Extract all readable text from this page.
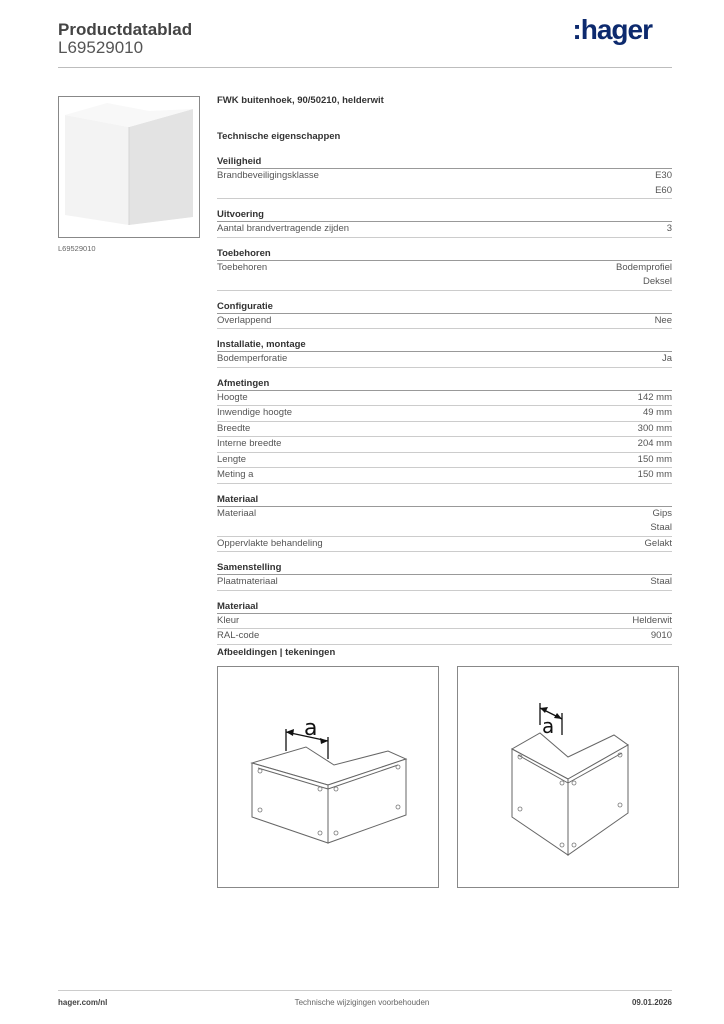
Productdatablad
L69529010
:hager
L69529010
FWK buitenhoek, 90/50210, helderwit
Technische eigenschappen
Veiligheid
Brandbeveiligingsklasse	E30
E60
Uitvoering
Aantal brandvertragende zijden	3
Toebehoren
Toebehoren	Bodemprofiel
Deksel
Configuratie
Overlappend	Nee
Installatie, montage
Bodemperforatie	Ja
Afmetingen
Hoogte	142 mm
Inwendige hoogte	49 mm
Breedte	300 mm
Interne breedte	204 mm
Lengte	150 mm
Meting a	150 mm
Materiaal
Materiaal	Gips
Staal
Oppervlakte behandeling	Gelakt
Samenstelling
Plaatmateriaal	Staal
Materiaal
Kleur	Helderwit
RAL-code	9010
Afbeeldingen | tekeningen
a	a
hager.com/nl	Technische wijzigingen voorbehouden	09.01.2026
